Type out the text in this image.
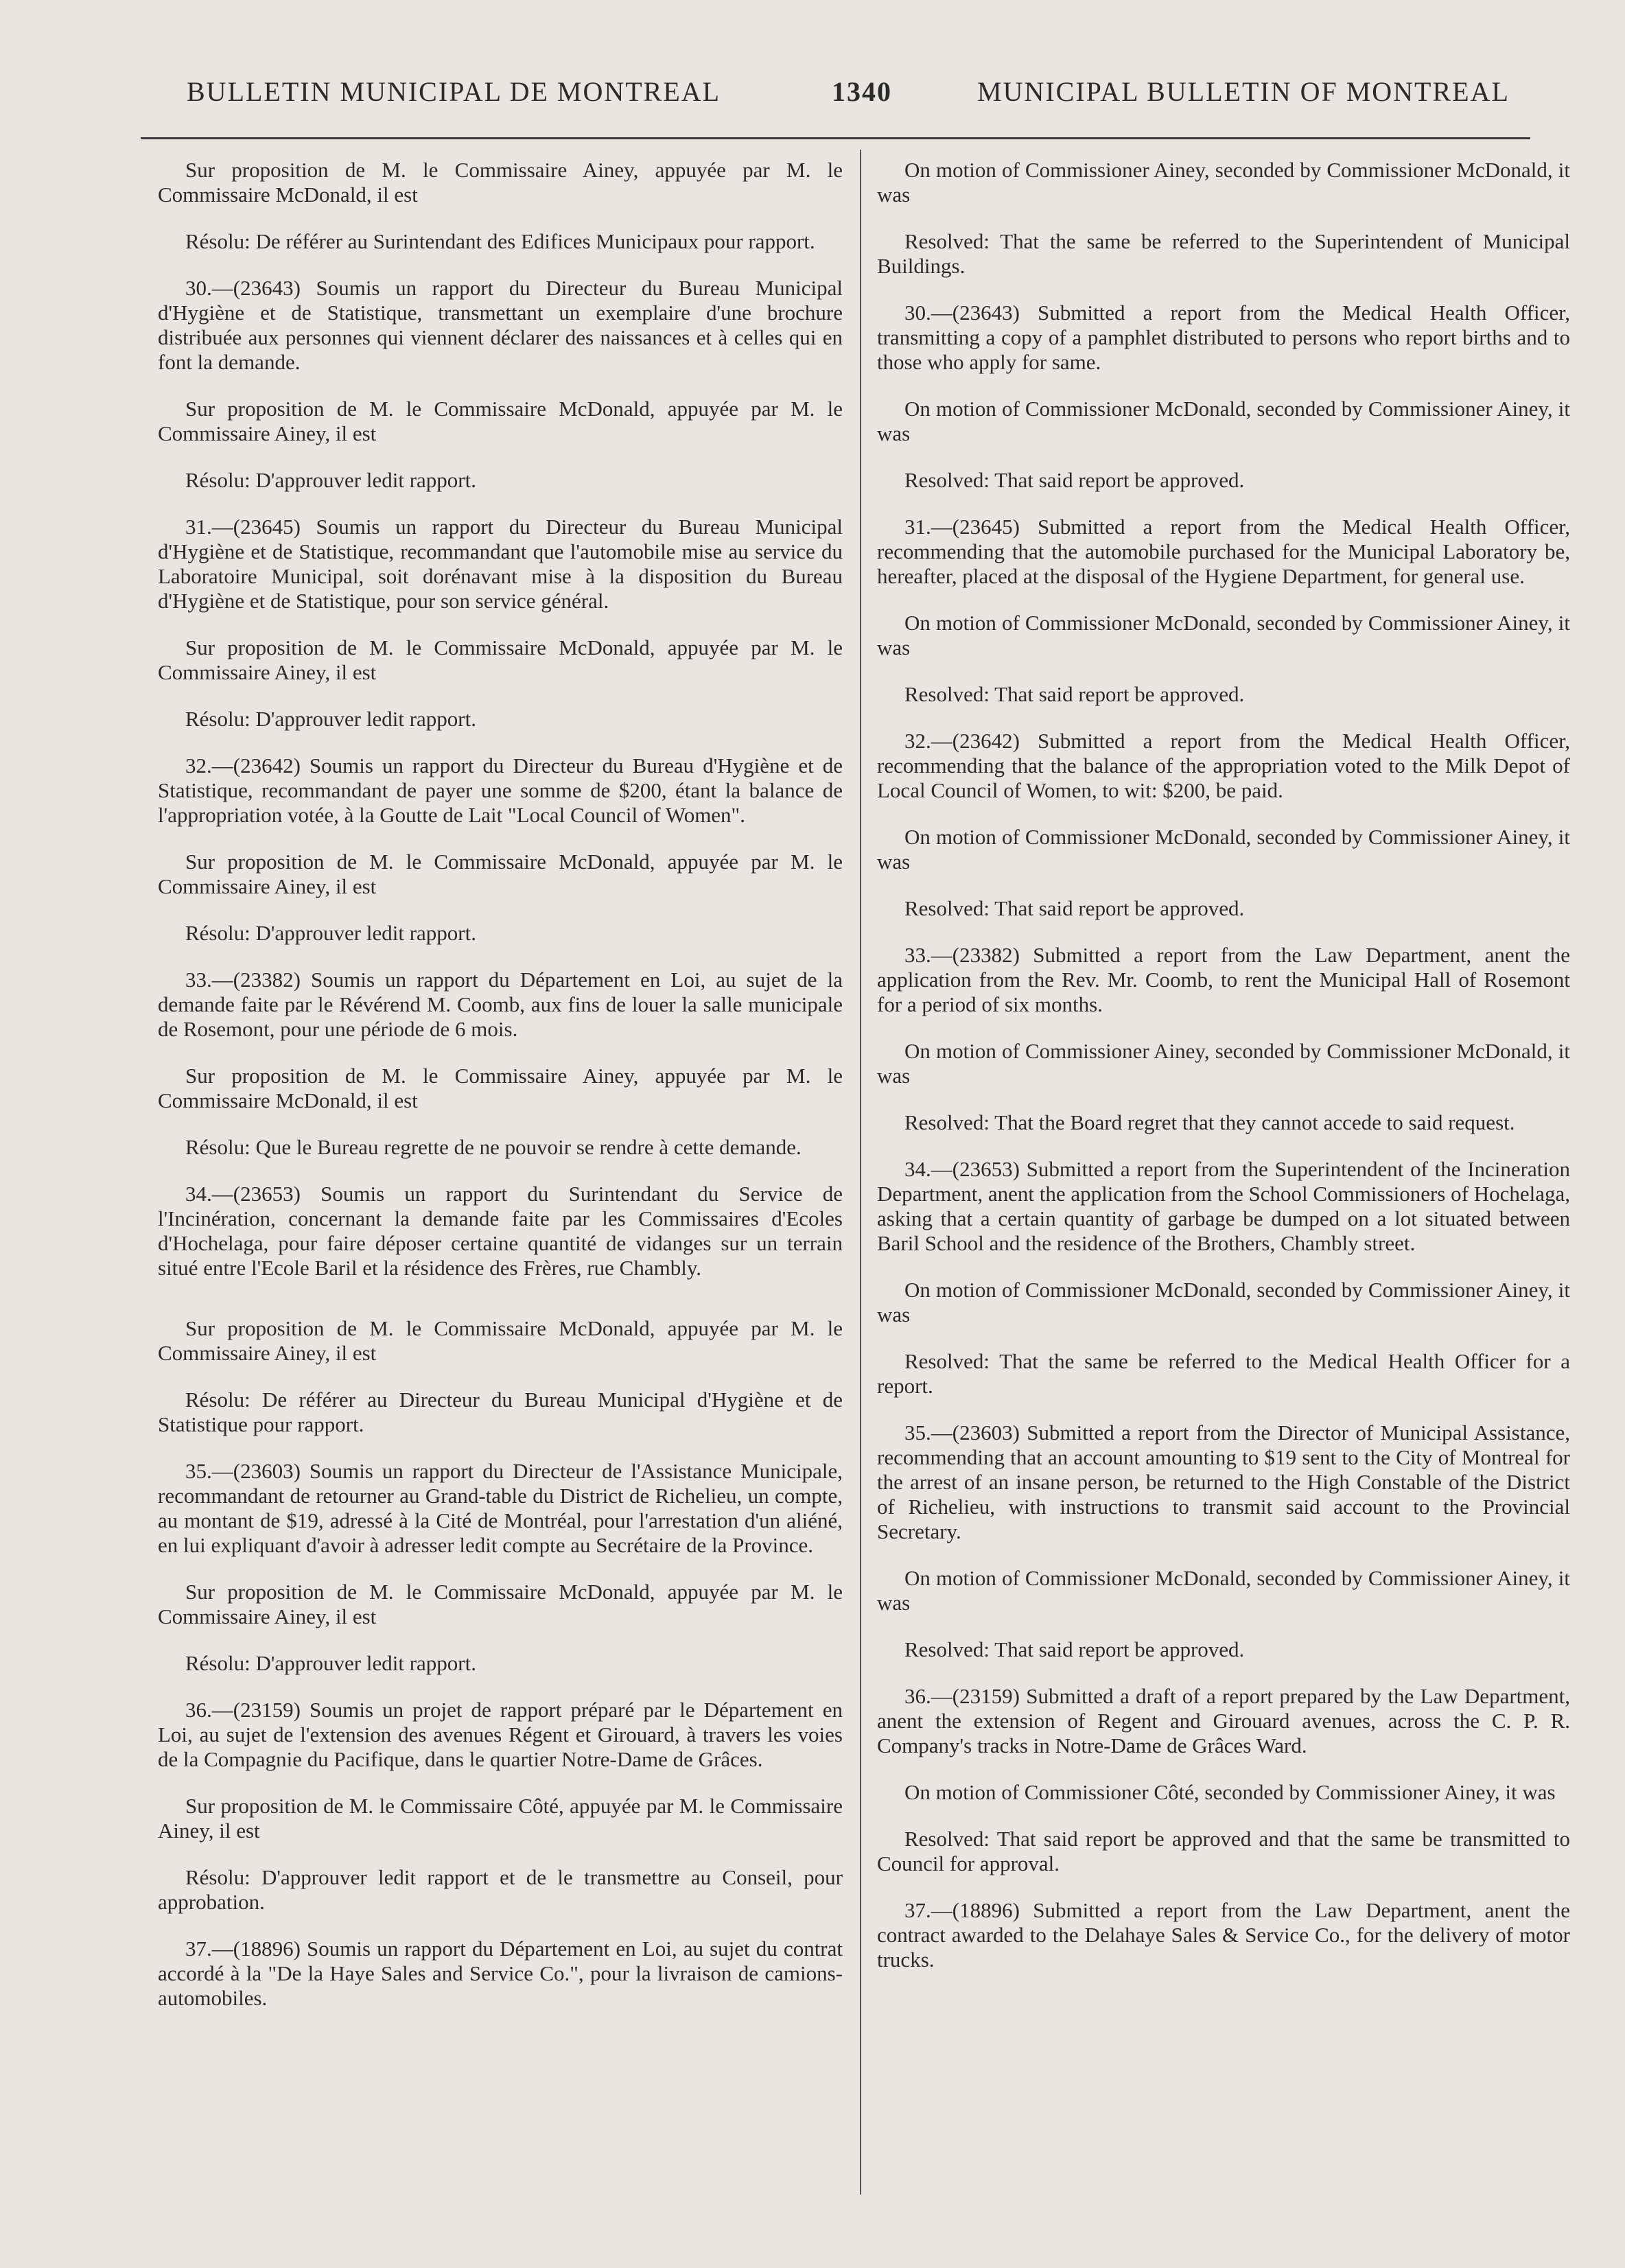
BULLETIN MUNICIPAL DE MONTREAL	1340	MUNICIPAL BULLETIN OF MONTREAL

Sur proposition de M. le Commissaire Ainey, appuyée par M. le Commissaire McDonald, il est

Résolu: De référer au Surintendant des Edifices Municipaux pour rapport.

30.—(23643) Soumis un rapport du Directeur du Bureau Municipal d'Hygiène et de Statistique, transmettant un exemplaire d'une brochure distribuée aux personnes qui viennent déclarer des naissances et à celles qui en font la demande.

Sur proposition de M. le Commissaire McDonald, appuyée par M. le Commissaire Ainey, il est

Résolu: D'approuver ledit rapport.

31.—(23645) Soumis un rapport du Directeur du Bureau Municipal d'Hygiène et de Statistique, recommandant que l'automobile mise au service du Laboratoire Municipal, soit dorénavant mise à la disposition du Bureau d'Hygiène et de Statistique, pour son service général.

Sur proposition de M. le Commissaire McDonald, appuyée par M. le Commissaire Ainey, il est

Résolu: D'approuver ledit rapport.

32.—(23642) Soumis un rapport du Directeur du Bureau d'Hygiène et de Statistique, recommandant de payer une somme de $200, étant la balance de l'appropriation votée, à la Goutte de Lait "Local Council of Women".

Sur proposition de M. le Commissaire McDonald, appuyée par M. le Commissaire Ainey, il est

Résolu: D'approuver ledit rapport.

33.—(23382) Soumis un rapport du Département en Loi, au sujet de la demande faite par le Révérend M. Coomb, aux fins de louer la salle municipale de Rosemont, pour une période de 6 mois.

Sur proposition de M. le Commissaire Ainey, appuyée par M. le Commissaire McDonald, il est

Résolu: Que le Bureau regrette de ne pouvoir se rendre à cette demande.

34.—(23653) Soumis un rapport du Surintendant du Service de l'Incinération, concernant la demande faite par les Commissaires d'Ecoles d'Hochelaga, pour faire déposer certaine quantité de vidanges sur un terrain situé entre l'Ecole Baril et la résidence des Frères, rue Chambly.

Sur proposition de M. le Commissaire McDonald, appuyée par M. le Commissaire Ainey, il est

Résolu: De référer au Directeur du Bureau Municipal d'Hygiène et de Statistique pour rapport.

35.—(23603) Soumis un rapport du Directeur de l'Assistance Municipale, recommandant de retourner au Grand-table du District de Richelieu, un compte, au montant de $19, adressé à la Cité de Montréal, pour l'arrestation d'un aliéné, en lui expliquant d'avoir à adresser ledit compte au Secrétaire de la Province.

Sur proposition de M. le Commissaire McDonald, appuyée par M. le Commissaire Ainey, il est

Résolu: D'approuver ledit rapport.

36.—(23159) Soumis un projet de rapport préparé par le Département en Loi, au sujet de l'extension des avenues Régent et Girouard, à travers les voies de la Compagnie du Pacifique, dans le quartier Notre-Dame de Grâces.

Sur proposition de M. le Commissaire Côté, appuyée par M. le Commissaire Ainey, il est

Résolu: D'approuver ledit rapport et de le transmettre au Conseil, pour approbation.

37.—(18896) Soumis un rapport du Département en Loi, au sujet du contrat accordé à la "De la Haye Sales and Service Co.", pour la livraison de camions-automobiles.

On motion of Commissioner Ainey, seconded by Commissioner McDonald, it was

Resolved: That the same be referred to the Superintendent of Municipal Buildings.

30.—(23643) Submitted a report from the Medical Health Officer, transmitting a copy of a pamphlet distributed to persons who report births and to those who apply for same.

On motion of Commissioner McDonald, seconded by Commissioner Ainey, it was

Resolved: That said report be approved.

31.—(23645) Submitted a report from the Medical Health Officer, recommending that the automobile purchased for the Municipal Laboratory be, hereafter, placed at the disposal of the Hygiene Department, for general use.

On motion of Commissioner McDonald, seconded by Commissioner Ainey, it was

Resolved: That said report be approved.

32.—(23642) Submitted a report from the Medical Health Officer, recommending that the balance of the appropriation voted to the Milk Depot of Local Council of Women, to wit: $200, be paid.

On motion of Commissioner McDonald, seconded by Commissioner Ainey, it was

Resolved: That said report be approved.

33.—(23382) Submitted a report from the Law Department, anent the application from the Rev. Mr. Coomb, to rent the Municipal Hall of Rosemont for a period of six months.

On motion of Commissioner Ainey, seconded by Commissioner McDonald, it was

Resolved: That the Board regret that they cannot accede to said request.

34.—(23653) Submitted a report from the Superintendent of the Incineration Department, anent the application from the School Commissioners of Hochelaga, asking that a certain quantity of garbage be dumped on a lot situated between Baril School and the residence of the Brothers, Chambly street.

On motion of Commissioner McDonald, seconded by Commissioner Ainey, it was

Resolved: That the same be referred to the Medical Health Officer for a report.

35.—(23603) Submitted a report from the Director of Municipal Assistance, recommending that an account amounting to $19 sent to the City of Montreal for the arrest of an insane person, be returned to the High Constable of the District of Richelieu, with instructions to transmit said account to the Provincial Secretary.

On motion of Commissioner McDonald, seconded by Commissioner Ainey, it was

Resolved: That said report be approved.

36.—(23159) Submitted a draft of a report prepared by the Law Department, anent the extension of Regent and Girouard avenues, across the C. P. R. Company's tracks in Notre-Dame de Grâces Ward.

On motion of Commissioner Côté, seconded by Commissioner Ainey, it was

Resolved: That said report be approved and that the same be transmitted to Council for approval.

37.—(18896) Submitted a report from the Law Department, anent the contract awarded to the Delahaye Sales & Service Co., for the delivery of motor trucks.
